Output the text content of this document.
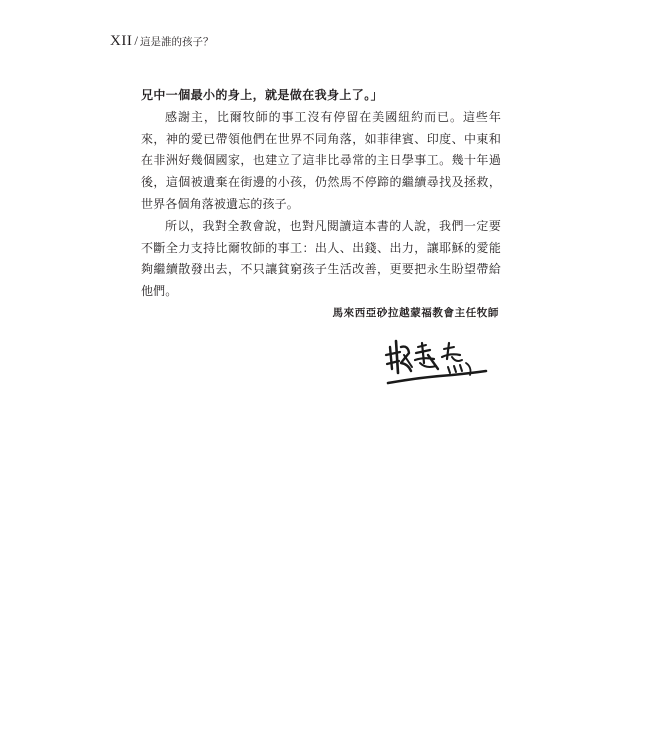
XII / 這是誰的孩子？

兄中一個最小的身上，就是做在我身上了。」

感謝主，比爾牧師的事工沒有停留在美國紐約而已。這些年來，神的愛已帶領他們在世界不同角落，如菲律賓、印度、中東和在非洲好幾個國家，也建立了這非比尋常的主日學事工。幾十年過後，這個被遺棄在街邊的小孩，仍然馬不停蹄的繼續尋找及拯救，世界各個角落被遺忘的孩子。

所以，我對全教會說，也對凡閱讀這本書的人說，我們一定要不斷全力支持比爾牧師的事工：出人、出錢、出力，讓耶穌的愛能夠繼續散發出去，不只讓貧窮孩子生活改善，更要把永生盼望帶給他們。

馬來西亞砂拉越蒙福教會主任牧師
